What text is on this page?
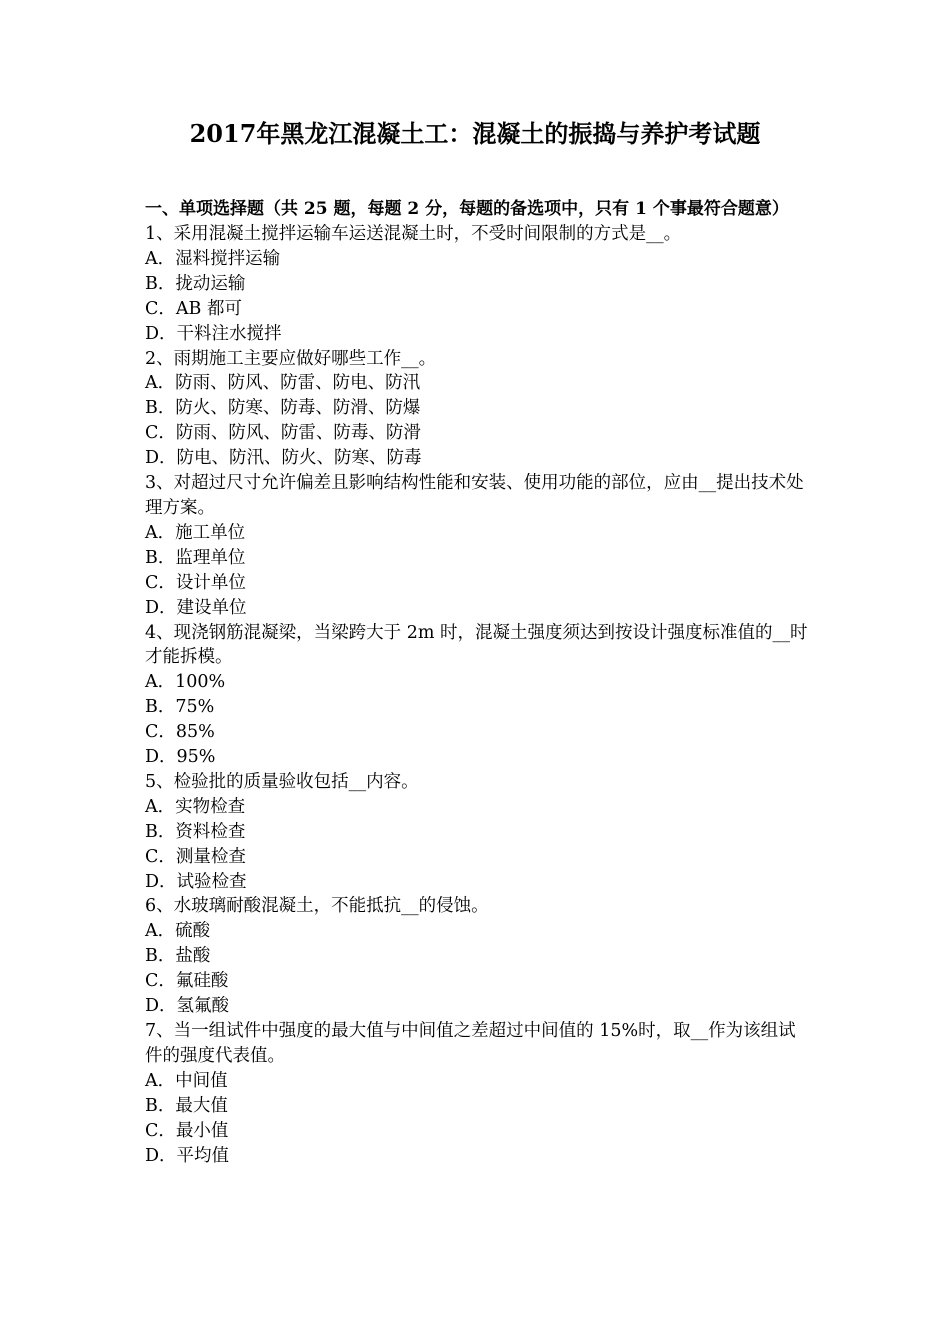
2017年黑龙江混凝土工：混凝土的振捣与养护考试题

一、单项选择题（共 25 题，每题 2 分，每题的备选项中，只有 1 个事最符合题意）

1、采用混凝土搅拌运输车运送混凝土时，不受时间限制的方式是__。

A．湿料搅拌运输

B．拢动运输

C．AB 都可

D．干料注水搅拌

2、雨期施工主要应做好哪些工作__。

A．防雨、防风、防雷、防电、防汛

B．防火、防寒、防毒、防滑、防爆

C．防雨、防风、防雷、防毒、防滑

D．防电、防汛、防火、防寒、防毒

3、对超过尺寸允许偏差且影响结构性能和安装、使用功能的部位，应由__提出技术处理方案。

A．施工单位

B．监理单位

C．设计单位

D．建设单位

4、现浇钢筋混凝梁，当梁跨大于 2m 时，混凝土强度须达到按设计强度标准值的__时才能拆模。

A．100%

B．75%

C．85%

D．95%

5、检验批的质量验收包括__内容。

A．实物检查

B．资料检查

C．测量检查

D．试验检查

6、水玻璃耐酸混凝土，不能抵抗__的侵蚀。

A．硫酸

B．盐酸

C．氟硅酸

D．氢氟酸

7、当一组试件中强度的最大值与中间值之差超过中间值的 15%时，取__作为该组试件的强度代表值。

A．中间值

B．最大值

C．最小值

D．平均值
